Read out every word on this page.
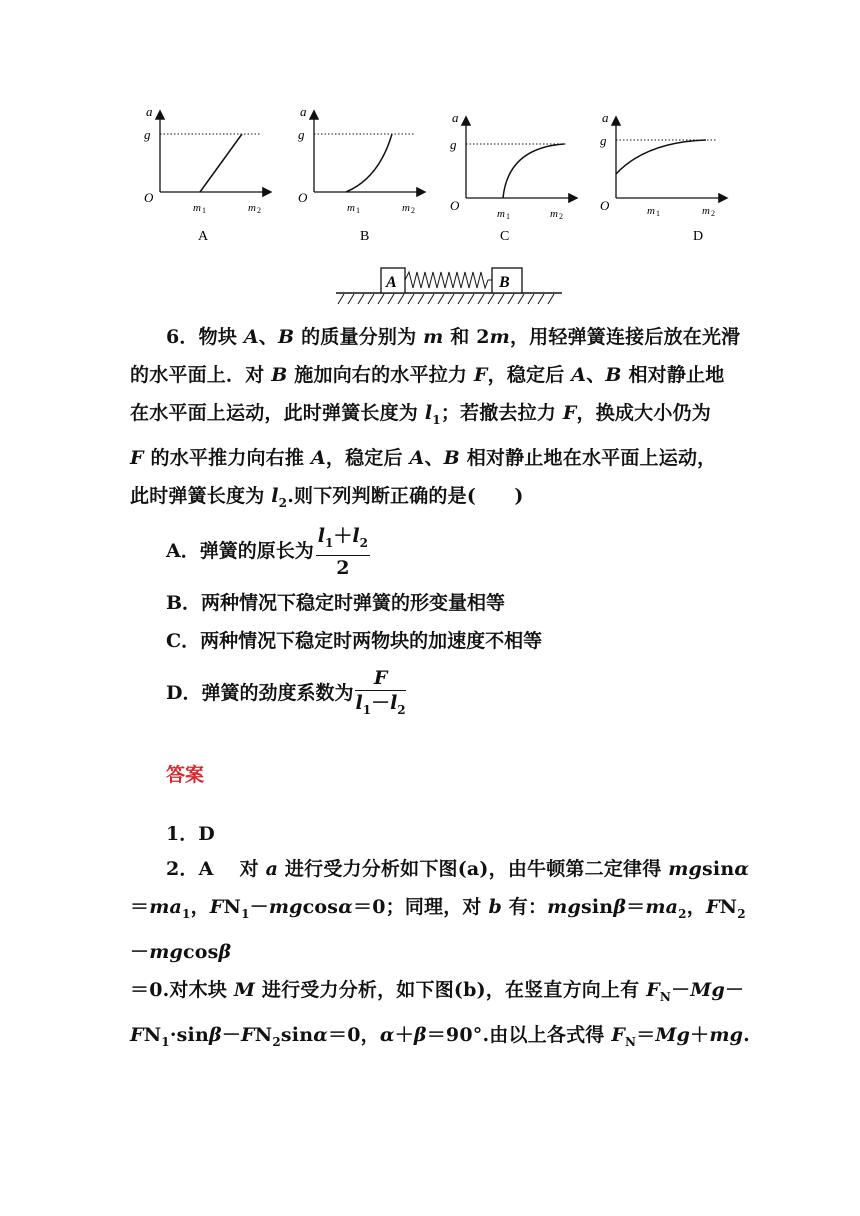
a
g
O
m 1	m 2
A
a
g
O
m 1	m 2
B
a
g
O
m 1	m 2
C
a
g
O	m 1	m 2
D
A	B
6．物块 A、B 的质量分别为 m 和 2m，用轻弹簧连接后放在光滑
的水平面上．对 B 施加向右的水平拉力 F，稳定后 A、B 相对静止地
在水平面上运动，此时弹簧长度为 $l_1$；若撤去拉力 F，换成大小仍为
F 的水平推力向右推 A，稳定后 A、B 相对静止地在水平面上运动，
此时弹簧长度为 $l_2$.则下列判断正确的是(　　)
A．弹簧的原长为 $\frac{l_1+l_2}{2}$
B．两种情况下稳定时弹簧的形变量相等
C．两种情况下稳定时两物块的加速度不相等
D．弹簧的劲度系数为 $\frac{F}{l_1-l_2}$
答案
1．D
2．A　 对 a 进行受力分析如下图(a)，由牛顿第二定律得 mgsinα
$=ma_1$，$FN_1-mgcos\alpha=0$；同理，对 b 有：$mgsin\beta=ma_2$，$FN_2-mgcos\beta$
＝0.对木块 M 进行受力分析，如下图(b)，在竖直方向上有 $F_N-Mg-$
$FN_1\cdot\sin\beta-FN_2\sin\alpha=0$，α＋β＝90°.由以上各式得 $F_N=Mg+mg$.
